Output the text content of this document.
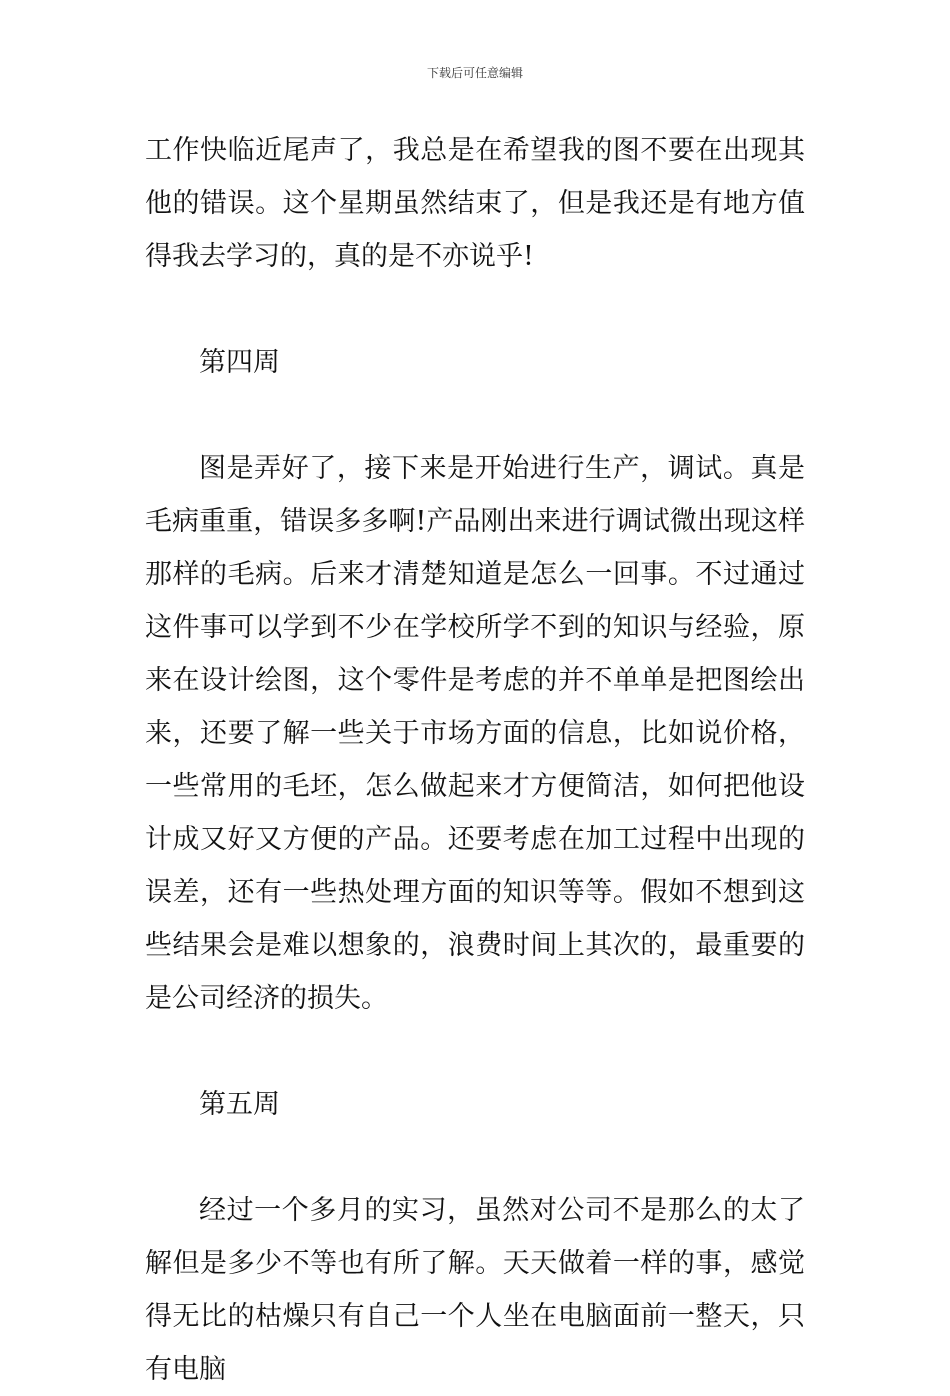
下载后可任意编辑

工作快临近尾声了，我总是在希望我的图不要在出现其他的错误。这个星期虽然结束了，但是我还是有地方值得我去学习的，真的是不亦说乎!

第四周

图是弄好了，接下来是开始进行生产，调试。真是毛病重重，错误多多啊!产品刚出来进行调试微出现这样那样的毛病。后来才清楚知道是怎么一回事。不过通过这件事可以学到不少在学校所学不到的知识与经验，原来在设计绘图，这个零件是考虑的并不单单是把图绘出来，还要了解一些关于市场方面的信息，比如说价格，一些常用的毛坯，怎么做起来才方便简洁，如何把他设计成又好又方便的产品。还要考虑在加工过程中出现的误差，还有一些热处理方面的知识等等。假如不想到这些结果会是难以想象的，浪费时间上其次的，最重要的是公司经济的损失。

第五周

经过一个多月的实习，虽然对公司不是那么的太了解但是多少不等也有所了解。天天做着一样的事，感觉得无比的枯燥只有自己一个人坐在电脑面前一整天，只有电脑
